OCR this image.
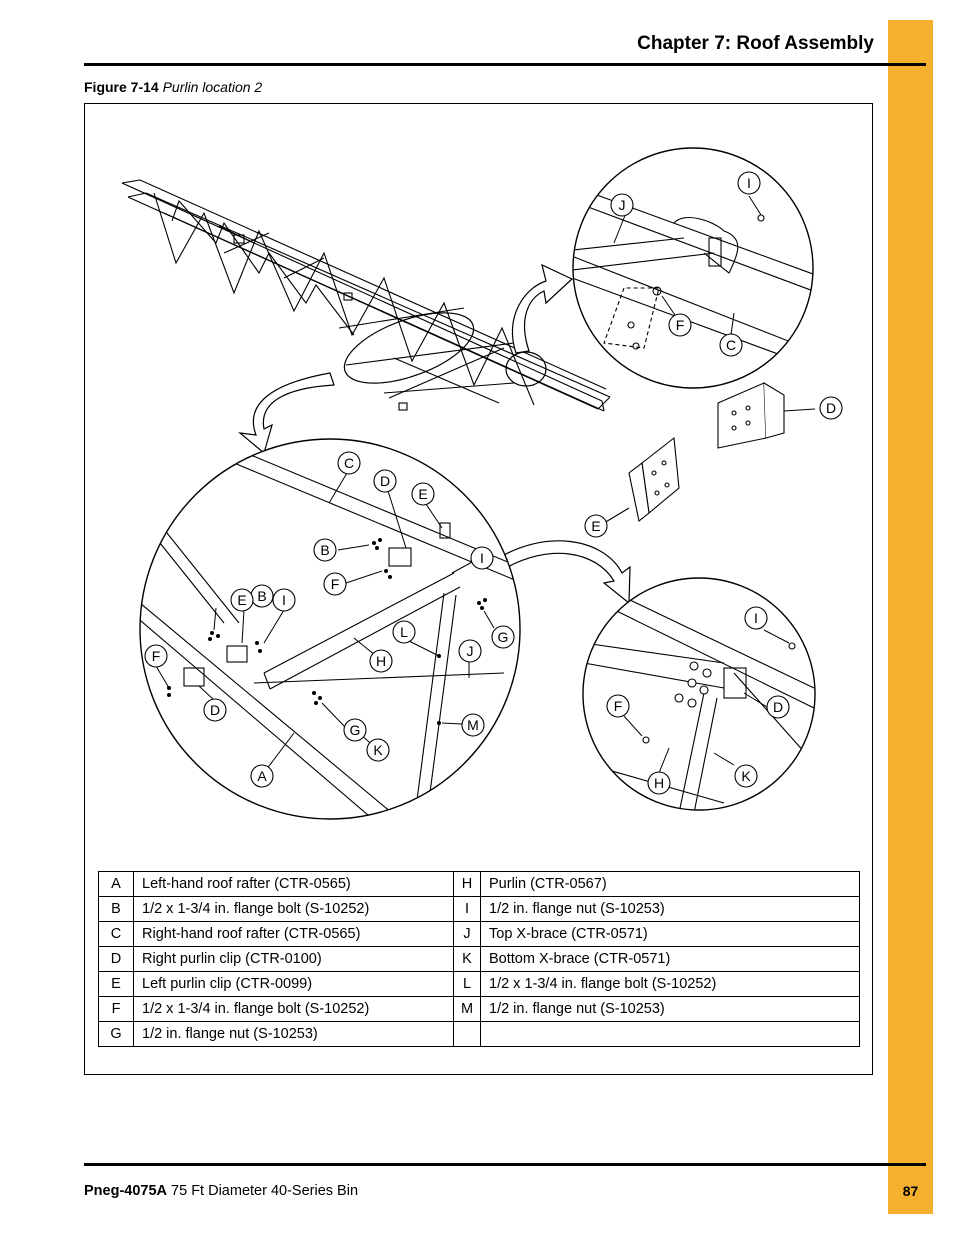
Chapter 7: Roof Assembly
Figure 7-14 Purlin location 2
I
J
F
C
D
E
C
D
E
B	I
F
B
E	I
G
L
J
F	H
D
M
G
K
A
I
F	D
H	K
A	Left-hand roof rafter (CTR-0565)	H	Purlin (CTR-0567)
B	1/2 x 1-3/4 in. flange bolt (S-10252)	I	1/2 in. flange nut (S-10253)
C	Right-hand roof rafter (CTR-0565)	J	Top X-brace (CTR-0571)
D	Right purlin clip (CTR-0100)	K	Bottom X-brace (CTR-0571)
E	Left purlin clip (CTR-0099)	L	1/2 x 1-3/4 in. flange bolt (S-10252)
F	1/2 x 1-3/4 in. flange bolt (S-10252)	M	1/2 in. flange nut (S-10253)
G	1/2 in. flange nut (S-10253)		
Pneg-4075A 75 Ft Diameter 40-Series Bin	87
